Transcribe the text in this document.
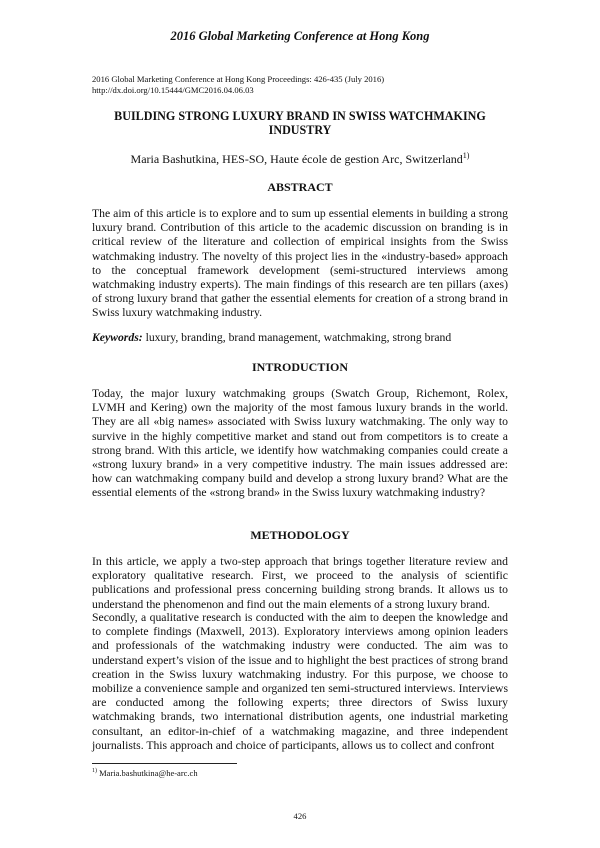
2016 Global Marketing Conference at Hong Kong
2016 Global Marketing Conference at Hong Kong Proceedings: 426-435 (July 2016)
http://dx.doi.org/10.15444/GMC2016.04.06.03
BUILDING STRONG LUXURY BRAND IN SWISS WATCHMAKING
INDUSTRY
Maria Bashutkina, HES-SO, Haute école de gestion Arc, Switzerland$^{1)}$
ABSTRACT

The aim of this article is to explore and to sum up essential elements in building a strong luxury brand. Contribution of this article to the academic discussion on branding is in critical review of the literature and collection of empirical insights from the Swiss watchmaking industry. The novelty of this project lies in the «industry-based» approach to the conceptual framework development (semi-structured interviews among watchmaking industry experts). The main findings of this research are ten pillars (axes) of strong luxury brand that gather the essential elements for creation of a strong brand in Swiss luxury watchmaking industry.

Keywords: luxury, branding, brand management, watchmaking, strong brand

INTRODUCTION

Today, the major luxury watchmaking groups (Swatch Group, Richemont, Rolex, LVMH and Kering) own the majority of the most famous luxury brands in the world. They are all «big names» associated with Swiss luxury watchmaking. The only way to survive in the highly competitive market and stand out from competitors is to create a strong brand. With this article, we identify how watchmaking companies could create a «strong luxury brand» in a very competitive industry. The main issues addressed are: how can watchmaking company build and develop a strong luxury brand? What are the essential elements of the «strong brand» in the Swiss luxury watchmaking industry?

METHODOLOGY

In this article, we apply a two-step approach that brings together literature review and exploratory qualitative research. First, we proceed to the analysis of scientific publications and professional press concerning building strong brands. It allows us to understand the phenomenon and find out the main elements of a strong luxury brand.

Secondly, a qualitative research is conducted with the aim to deepen the knowledge and to complete findings (Maxwell, 2013). Exploratory interviews among opinion leaders and professionals of the watchmaking industry were conducted. The aim was to understand expert’s vision of the issue and to highlight the best practices of strong brand creation in the Swiss luxury watchmaking industry. For this purpose, we choose to mobilize a convenience sample and organized ten semi-structured interviews. Interviews are conducted among the following experts; three directors of Swiss luxury watchmaking brands, two international distribution agents, one industrial marketing consultant, an editor-in-chief of a watchmaking magazine, and three independent journalists. This approach and choice of participants, allows us to collect and confront

$^{1)}$ Maria.bashutkina@he-arc.ch
426
